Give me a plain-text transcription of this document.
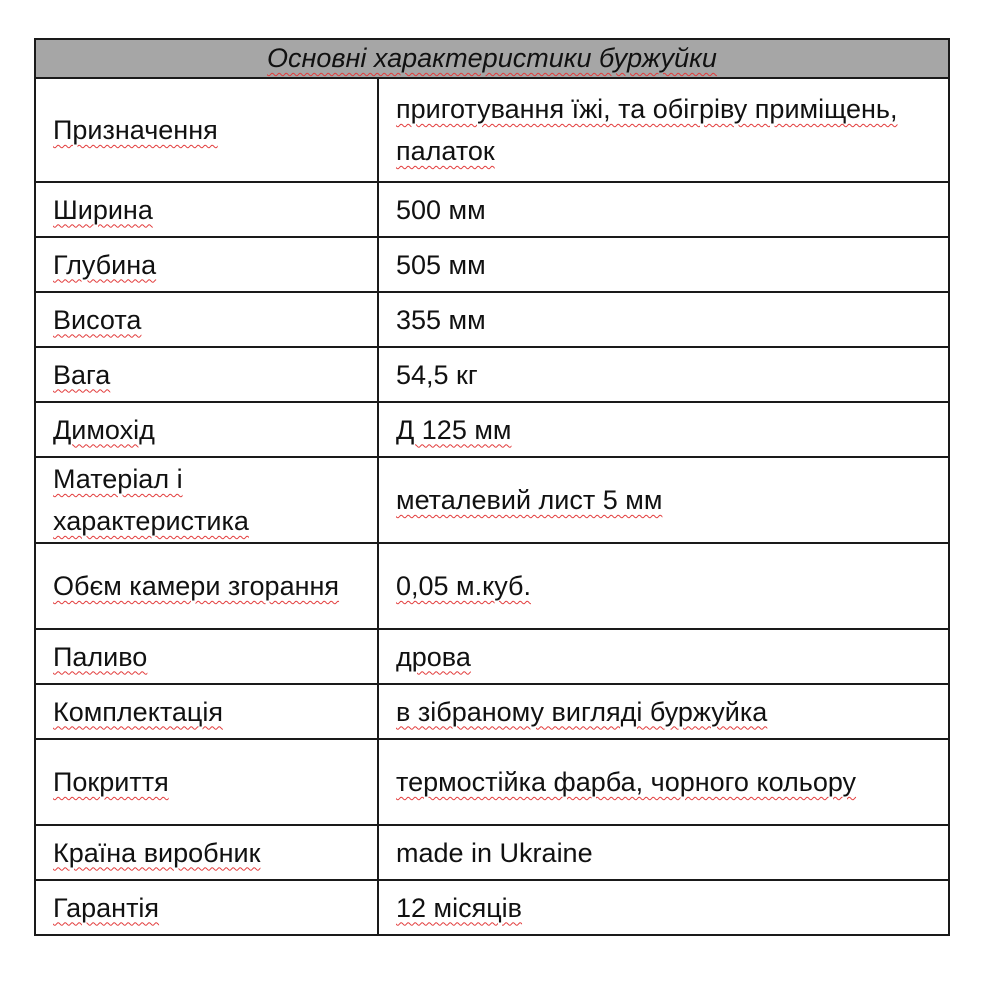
Основні характеристики буржуйки	
Призначення	приготування їжі, та обігріву приміщень, палаток
Ширина	500 мм
Глубина	505 мм
Висота	355 мм
Вага	54,5 кг
Димохід	Д 125 мм
Матеріал і характеристика	металевий лист 5 мм
Обєм камери згорання	0,05 м.куб.
Паливо	дрова
Комплектація	в зібраному вигляді буржуйка
Покриття	термостійка фарба, чорного кольору
Країна виробник	made in Ukraine
Гарантія	12 місяців
